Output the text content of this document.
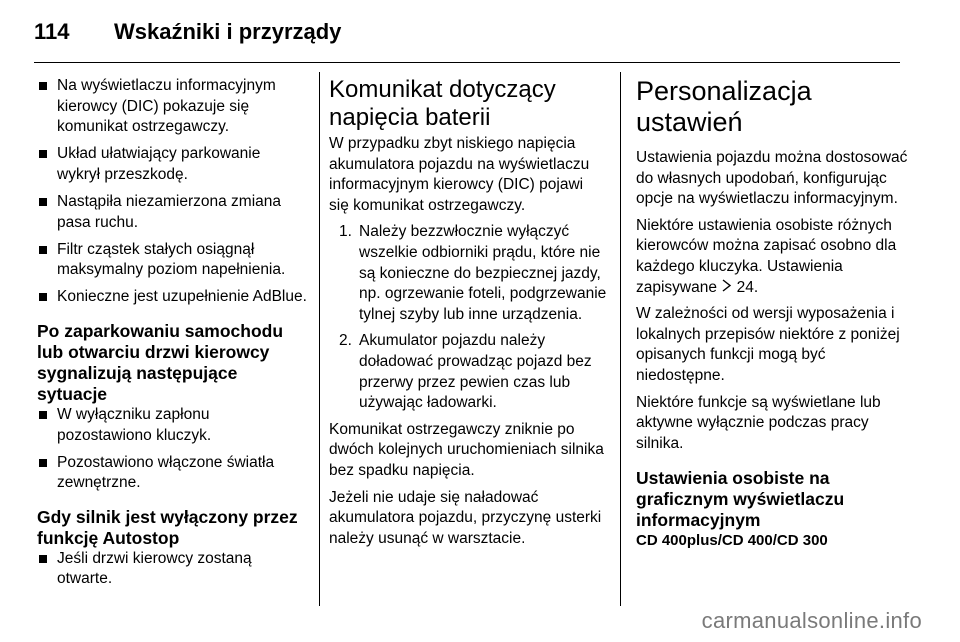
114	Wskaźniki i przyrządy
Na wyświetlaczu informacyjnym kierowcy (DIC) pokazuje się komunikat ostrzegawczy.
Układ ułatwiający parkowanie wykrył przeszkodę.
Nastąpiła niezamierzona zmiana pasa ruchu.
Filtr cząstek stałych osiągnął maksymalny poziom napełnienia.
Konieczne jest uzupełnienie AdBlue.
Po zaparkowaniu samochodu lub otwarciu drzwi kierowcy sygnalizują następujące sytuacje
W wyłączniku zapłonu pozostawiono kluczyk.
Pozostawiono włączone światła zewnętrzne.
Gdy silnik jest wyłączony przez funkcję Autostop
Jeśli drzwi kierowcy zostaną otwarte.
Komunikat dotyczący napięcia baterii

W przypadku zbyt niskiego napięcia akumulatora pojazdu na wyświetlaczu informacyjnym kierowcy (DIC) pojawi się komunikat ostrzegawczy.

1. Należy bezzwłocznie wyłączyć wszelkie odbiorniki prądu, które nie są konieczne do bezpiecznej jazdy, np. ogrzewanie foteli, podgrzewanie tylnej szyby lub inne urządzenia.
2. Akumulator pojazdu należy doładować prowadząc pojazd bez przerwy przez pewien czas lub używając ładowarki.

Komunikat ostrzegawczy zniknie po dwóch kolejnych uruchomieniach silnika bez spadku napięcia.

Jeżeli nie udaje się naładować akumulatora pojazdu, przyczynę usterki należy usunąć w warsztacie.

Personalizacja ustawień

Ustawienia pojazdu można dostosować do własnych upodobań, konfigurując opcje na wyświetlaczu informacyjnym.

Niektóre ustawienia osobiste różnych kierowców można zapisać osobno dla każdego kluczyka. Ustawienia zapisywane 24.

W zależności od wersji wyposażenia i lokalnych przepisów niektóre z poniżej opisanych funkcji mogą być niedostępne.

Niektóre funkcje są wyświetlane lub aktywne wyłącznie podczas pracy silnika.

Ustawienia osobiste na graficznym wyświetlaczu informacyjnym
CD 400plus/CD 400/CD 300
carmanualsonline.info
